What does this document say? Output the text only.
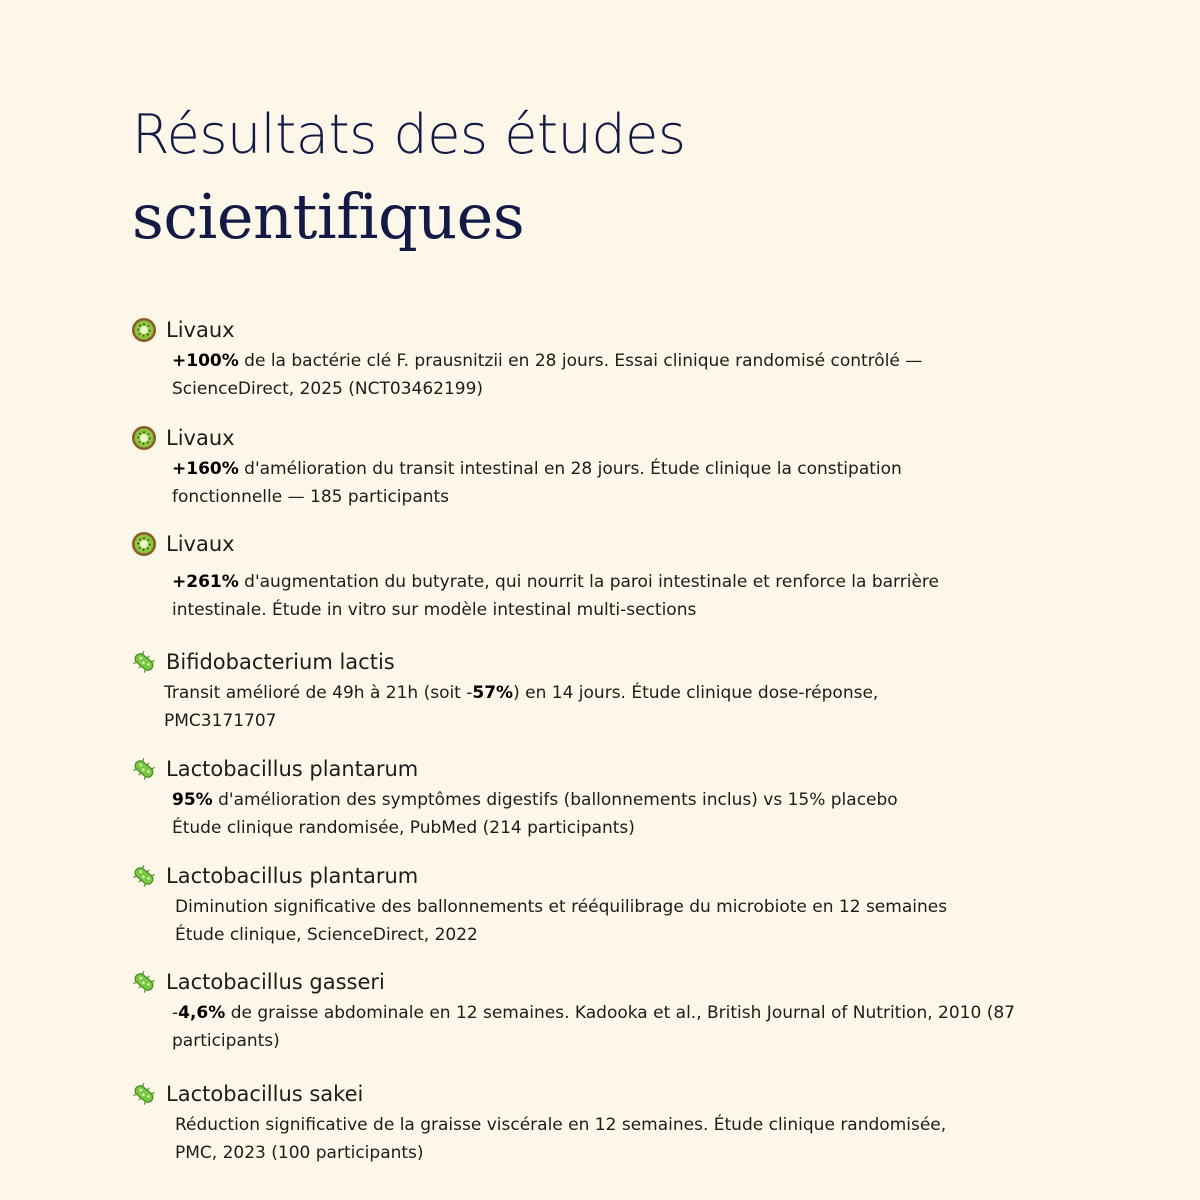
Résultats des études
scientifiques
Livaux

+100% de la bactérie clé F. prausnitzii en 28 jours. Essai clinique randomisé contrôlé —

ScienceDirect, 2025 (NCT03462199)

Livaux

+160% d'amélioration du transit intestinal en 28 jours. Étude clinique la constipation

fonctionnelle — 185 participants

Livaux

+261% d'augmentation du butyrate, qui nourrit la paroi intestinale et renforce la barrière

intestinale. Étude in vitro sur modèle intestinal multi-sections

Bifidobacterium lactis

Transit amélioré de 49h à 21h (soit -57%) en 14 jours. Étude clinique dose-réponse,

PMC3171707

Lactobacillus plantarum

95% d'amélioration des symptômes digestifs (ballonnements inclus) vs 15% placebo

Étude clinique randomisée, PubMed (214 participants)

Lactobacillus plantarum

Diminution significative des ballonnements et rééquilibrage du microbiote en 12 semaines

Étude clinique, ScienceDirect, 2022

Lactobacillus gasseri

-4,6% de graisse abdominale en 12 semaines. Kadooka et al., British Journal of Nutrition, 2010 (87

participants)

Lactobacillus sakei

Réduction significative de la graisse viscérale en 12 semaines. Étude clinique randomisée,

PMC, 2023 (100 participants)
